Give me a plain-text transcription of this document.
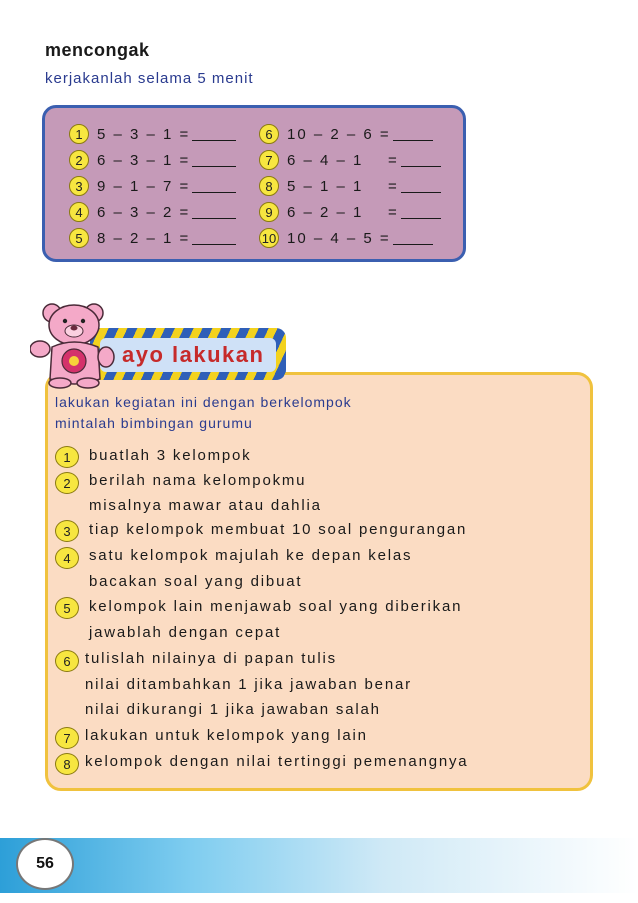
mencongak
kerjakanlah selama 5 menit
1 5 – 3 – 1 =
2 6 – 3 – 1 =
3 9 – 1 – 7 =
4 6 – 3 – 2 =
5 8 – 2 – 1 =
6 10 – 2 – 6 =
7 6 – 4 – 1    =
8 5 – 1 – 1    =
9 6 – 2 – 1    =
10 10 – 4 – 5 =
ayo lakukan
lakukan kegiatan ini dengan berkelompok
mintalah bimbingan gurumu
1	buatlah 3 kelompok
2	berilah nama kelompokmu
misalnya mawar atau dahlia
3	tiap kelompok membuat 10 soal pengurangan
4	satu kelompok majulah ke depan kelas
bacakan soal yang dibuat
5	kelompok lain menjawab soal yang diberikan
jawablah dengan cepat
6 tulislah nilainya di papan tulis
nilai ditambahkan 1 jika jawaban benar
nilai dikurangi 1 jika jawaban salah
7 lakukan untuk kelompok yang lain
8 kelompok dengan nilai tertinggi pemenangnya
56
